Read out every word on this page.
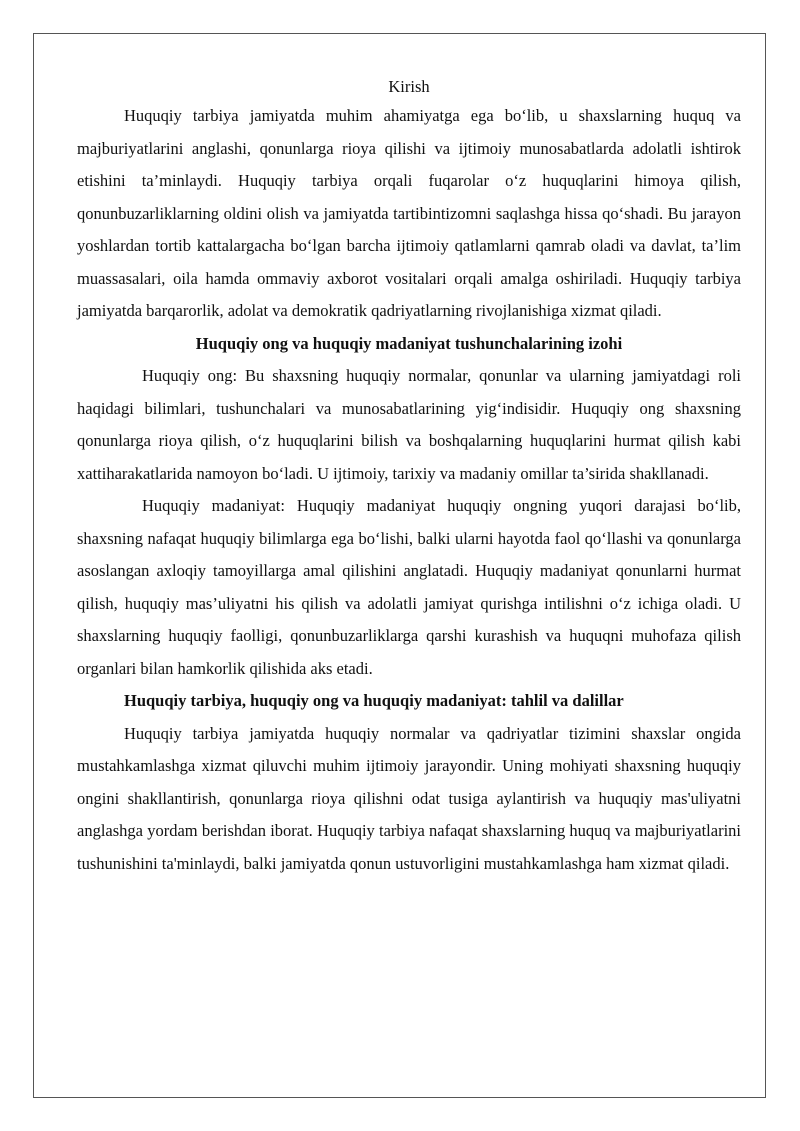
Kirish

Huquqiy tarbiya jamiyatda muhim ahamiyatga ega bo‘lib, u shaxslarning huquq va majburiyatlarini anglashi, qonunlarga rioya qilishi va ijtimoiy munosabatlarda adolatli ishtirok etishini ta’minlaydi. Huquqiy tarbiya orqali fuqarolar o‘z huquqlarini himoya qilish, qonunbuzarliklarning oldini olish va jamiyatda tartibintizomni saqlashga hissa qo‘shadi. Bu jarayon yoshlardan tortib kattalargacha bo‘lgan barcha ijtimoiy qatlamlarni qamrab oladi va davlat, ta’lim muassasalari, oila hamda ommaviy axborot vositalari orqali amalga oshiriladi. Huquqiy tarbiya jamiyatda barqarorlik, adolat va demokratik qadriyatlarning rivojlanishiga xizmat qiladi.

Huquqiy ong va huquqiy madaniyat tushunchalarining izohi

Huquqiy ong: Bu shaxsning huquqiy normalar, qonunlar va ularning jamiyatdagi roli haqidagi bilimlari, tushunchalari va munosabatlarining yig‘indisidir. Huquqiy ong shaxsning qonunlarga rioya qilish, o‘z huquqlarini bilish va boshqalarning huquqlarini hurmat qilish kabi xattiharakatlarida namoyon bo‘ladi. U ijtimoiy, tarixiy va madaniy omillar ta’sirida shakllanadi.

Huquqiy madaniyat: Huquqiy madaniyat huquqiy ongning yuqori darajasi bo‘lib, shaxsning nafaqat huquqiy bilimlarga ega bo‘lishi, balki ularni hayotda faol qo‘llashi va qonunlarga asoslangan axloqiy tamoyillarga amal qilishini anglatadi. Huquqiy madaniyat qonunlarni hurmat qilish, huquqiy mas’uliyatni his qilish va adolatli jamiyat qurishga intilishni o‘z ichiga oladi. U shaxslarning huquqiy faolligi, qonunbuzarliklarga qarshi kurashish va huquqni muhofaza qilish organlari bilan hamkorlik qilishida aks etadi.

Huquqiy tarbiya, huquqiy ong va huquqiy madaniyat: tahlil va dalillar

Huquqiy tarbiya jamiyatda huquqiy normalar va qadriyatlar tizimini shaxslar ongida mustahkamlashga xizmat qiluvchi muhim ijtimoiy jarayondir. Uning mohiyati shaxsning huquqiy ongini shakllantirish, qonunlarga rioya qilishni odat tusiga aylantirish va huquqiy mas'uliyatni anglashga yordam berishdan iborat. Huquqiy tarbiya nafaqat shaxslarning huquq va majburiyatlarini tushunishini ta'minlaydi, balki jamiyatda qonun ustuvorligini mustahkamlashga ham xizmat qiladi.
